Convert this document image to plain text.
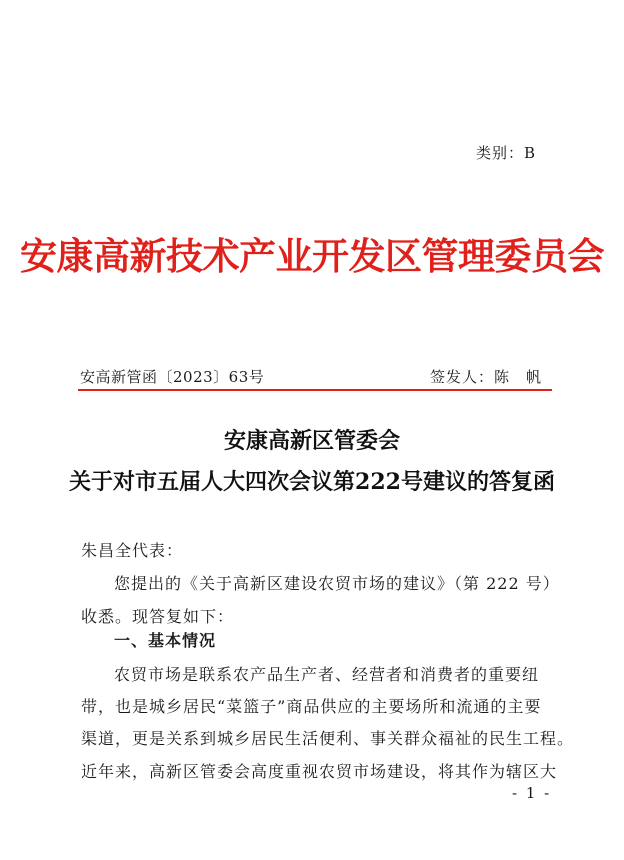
类别：B
安康高新技术产业开发区管理委员会
安高新管函〔2023〕63号	签发人：陈　帆
安康高新区管委会
关于对市五届人大四次会议第222号建议的答复函
朱昌全代表：
您提出的《关于高新区建设农贸市场的建议》（第 222 号）
收悉。现答复如下：
一、基本情况
农贸市场是联系农产品生产者、经营者和消费者的重要纽
带，也是城乡居民“菜篮子”商品供应的主要场所和流通的主要
渠道，更是关系到城乡居民生活便利、事关群众福祉的民生工程。
近年来，高新区管委会高度重视农贸市场建设，将其作为辖区大
- 1 -
